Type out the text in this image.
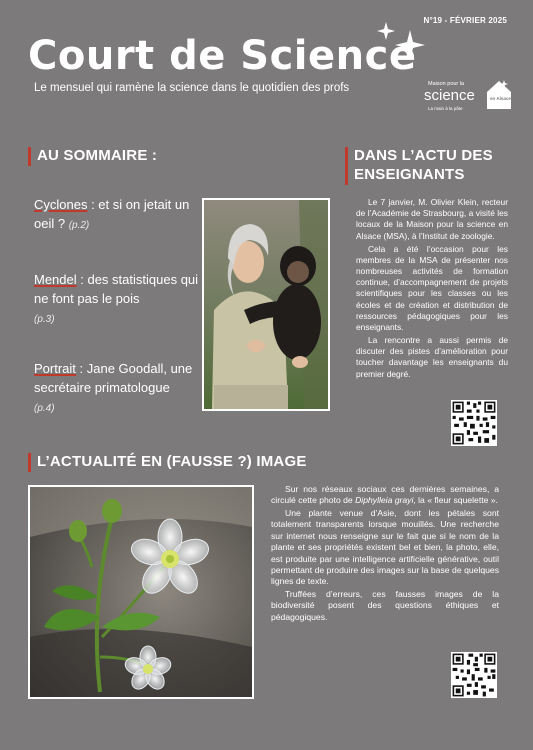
N°19 - FÉVRIER 2025
Court de Science
Le mensuel qui ramène la science dans le quotidien des profs	Maison pour la
science
La main à la pâte
en Alsace
AU SOMMAIRE :
Cyclones : et si on jetait un oeil ? (p.2)
Mendel : des statistiques qui ne font pas le pois
(p.3)
Portrait : Jane Goodall, une secrétaire primatologue
(p.4)
DANS L’ACTU DES ENSEIGNANTS

Le 7 janvier, M. Olivier Klein, recteur de l’Académie de Strasbourg, a visité les locaux de la Maison pour la science en Alsace (MSA), à l’Institut de zoologie.

Cela a été l’occasion pour les membres de la MSA de présenter nos nombreuses activités de formation continue, d’accompagnement de projets scientifiques pour les classes ou les écoles et de création et distribution de ressources pédagogiques pour les enseignants.

La rencontre a aussi permis de discuter des pistes d’amélioration pour toucher davantage les enseignants du premier degré.

L’ACTUALITÉ EN (FAUSSE ?) IMAGE

Sur nos réseaux sociaux ces dernières semaines, a circulé cette photo de Diphylleia grayi, la « fleur squelette ».

Une plante venue d’Asie, dont les pétales sont totalement transparents lorsque mouillés. Une recherche sur internet nous renseigne sur le fait que si le nom de la plante et ses propriétés existent bel et bien, la photo, elle, est produite par une intelligence artificielle générative, outil permettant de produire des images sur la base de quelques lignes de texte.

Truffées d’erreurs, ces fausses images de la biodiversité posent des questions éthiques et pédagogiques.
